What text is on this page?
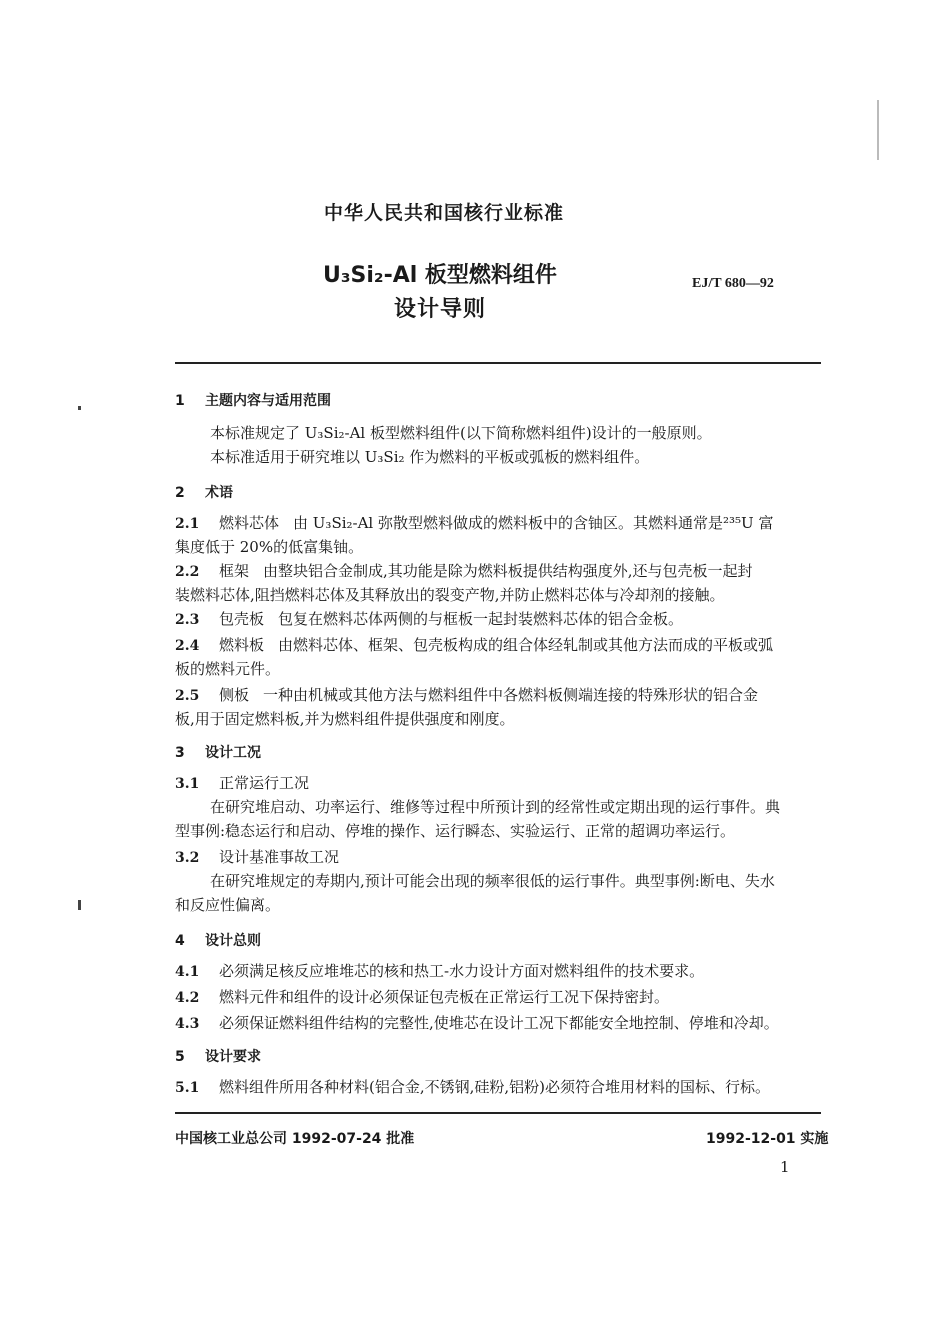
中华人民共和国核行业标准
U₃Si₂-Al 板型燃料组件
设计导则
EJ/T 680—92
1 主题内容与适用范围
本标准规定了 U₃Si₂-Al 板型燃料组件(以下简称燃料组件)设计的一般原则。
本标准适用于研究堆以 U₃Si₂ 作为燃料的平板或弧板的燃料组件。
2 术语
2.1 燃料芯体 由 U₃Si₂-Al 弥散型燃料做成的燃料板中的含铀区。其燃料通常是²³⁵U 富
集度低于 20%的低富集铀。
2.2 框架 由整块铝合金制成,其功能是除为燃料板提供结构强度外,还与包壳板一起封
装燃料芯体,阻挡燃料芯体及其释放出的裂变产物,并防止燃料芯体与冷却剂的接触。
2.3 包壳板 包复在燃料芯体两侧的与框板一起封装燃料芯体的铝合金板。
2.4 燃料板 由燃料芯体、框架、包壳板构成的组合体经轧制或其他方法而成的平板或弧
板的燃料元件。
2.5 侧板 一种由机械或其他方法与燃料组件中各燃料板侧端连接的特殊形状的铝合金
板,用于固定燃料板,并为燃料组件提供强度和刚度。
3 设计工况
3.1 正常运行工况
在研究堆启动、功率运行、维修等过程中所预计到的经常性或定期出现的运行事件。典
型事例:稳态运行和启动、停堆的操作、运行瞬态、实验运行、正常的超调功率运行。
3.2 设计基准事故工况
在研究堆规定的寿期内,预计可能会出现的频率很低的运行事件。典型事例:断电、失水
和反应性偏离。
4 设计总则
4.1 必须满足核反应堆堆芯的核和热工-水力设计方面对燃料组件的技术要求。
4.2 燃料元件和组件的设计必须保证包壳板在正常运行工况下保持密封。
4.3 必须保证燃料组件结构的完整性,使堆芯在设计工况下都能安全地控制、停堆和冷却。
5 设计要求
5.1 燃料组件所用各种材料(铝合金,不锈钢,硅粉,铝粉)必须符合堆用材料的国标、行标。
中国核工业总公司 1992-07-24 批准	1992-12-01 实施
1
